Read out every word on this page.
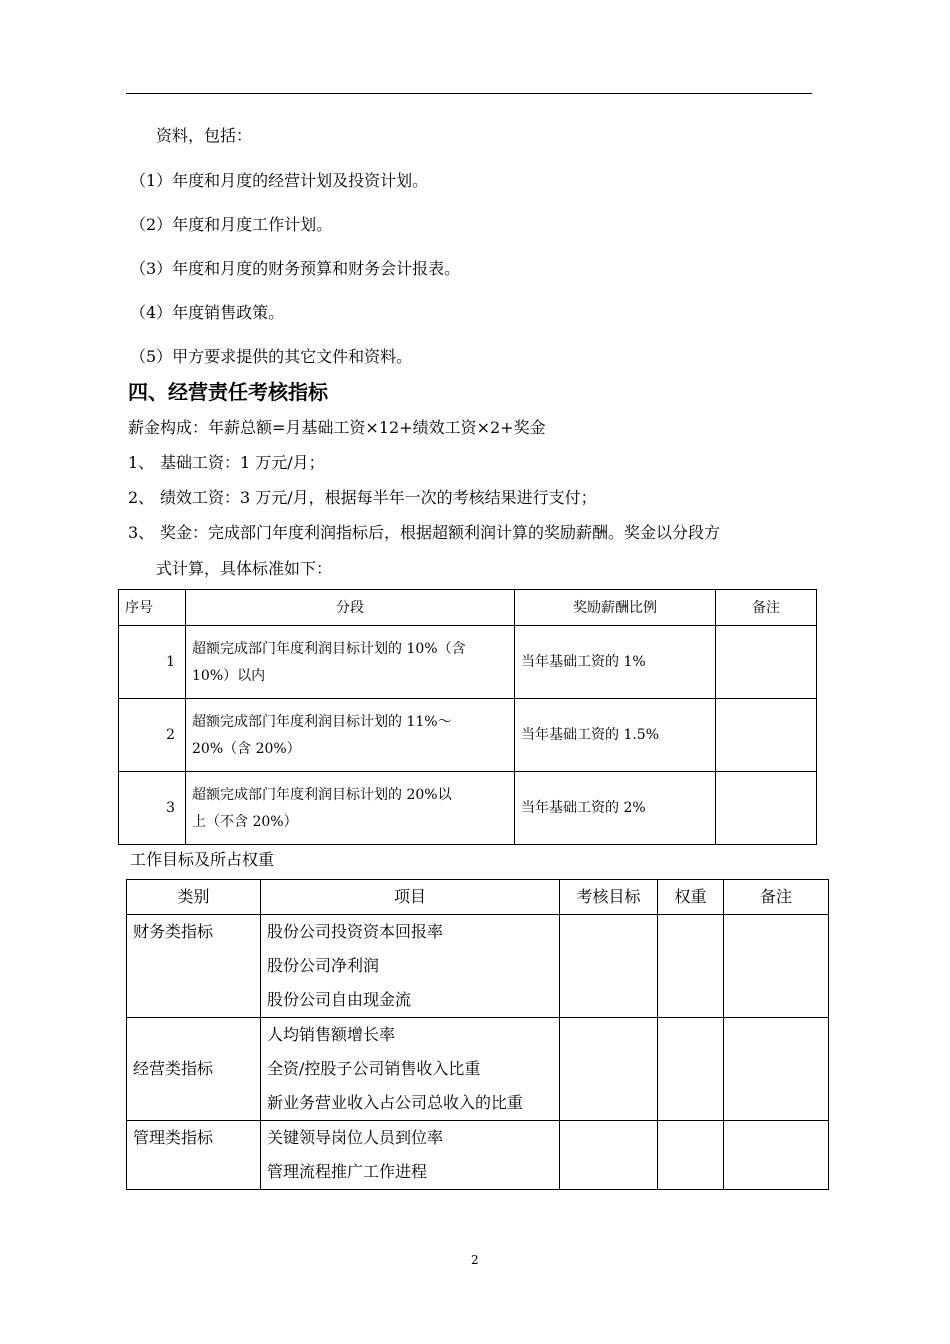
资料，包括：
（1）年度和月度的经营计划及投资计划。
（2）年度和月度工作计划。
（3）年度和月度的财务预算和财务会计报表。
（4）年度销售政策。
（5）甲方要求提供的其它文件和资料。
四、经营责任考核指标
薪金构成：年薪总额=月基础工资×12+绩效工资×2+奖金
1、 基础工资：1 万元/月；
2、 绩效工资：3 万元/月，根据每半年一次的考核结果进行支付；
3、 奖金：完成部门年度利润指标后，根据超额利润计算的奖励薪酬。奖金以分段方
式计算，具体标准如下：
序号	分段	奖励薪酬比例	备注
1	超额完成部门年度利润目标计划的 10%（含
10%）以内	当年基础工资的 1%	
2	超额完成部门年度利润目标计划的 11%～
20%（含 20%）	当年基础工资的 1.5%	
3	超额完成部门年度利润目标计划的 20%以
上（不含 20%）	当年基础工资的 2%	
工作目标及所占权重
类别	项目	考核目标	权重	备注
财务类指标	股份公司投资资本回报率
股份公司净利润
股份公司自由现金流			

经营类指标	人均销售额增长率
全资/控股子公司销售收入比重
新业务营业收入占公司总收入的比重			

管理类指标	关键领导岗位人员到位率
管理流程推广工作进程			

2
